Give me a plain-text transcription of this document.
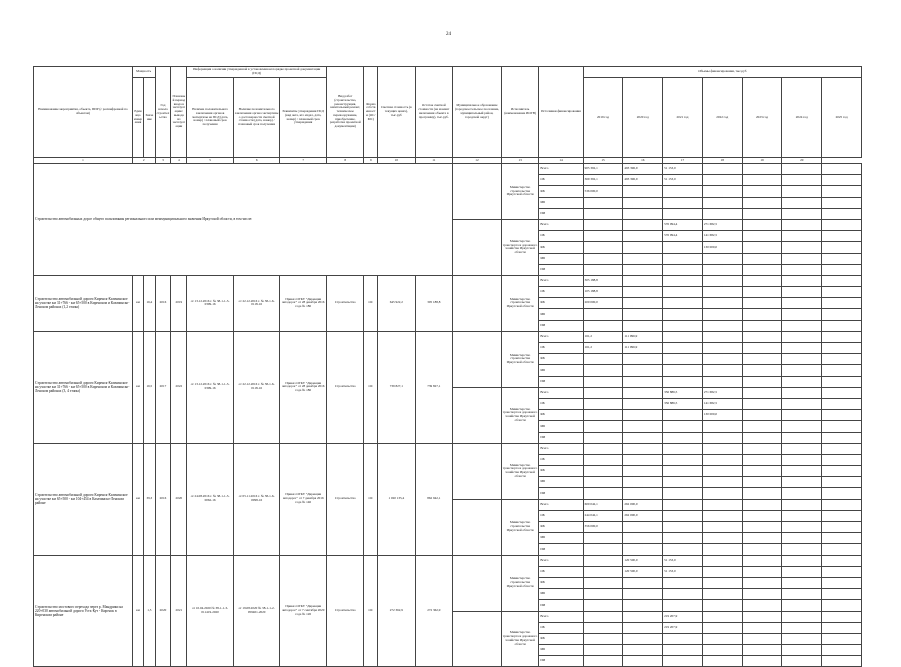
24
Наименование мероприятия, объекта, ПИР (с расшифровкой по объектам)	Мощность		Год начала строительства	Плановый период ввода в эксплуатацию/вывода из эксплуатации	Информация о наличии утвержденной в установленном порядке проектной документации (ПСД)			Вид работ (строительство, реконструкция, капитальный ремонт, техническое перевооружение, приобретение, разработка проектной документации)	Форма собственности (ОС/МС)	Сметная стоимость (в текущих ценах), тыс.руб	Остаток сметной стоимости (на момент включения объекта в программу), тыс.руб.	Муниципальное образование (городское/сельское поселение, муниципальный район, городской округ)	Исполнитель (наименование ИОГВ)	Источники финансирования	Объемы финансирования, тыс.руб						
	Единица измерения	Значение			Наличие положительного заключения органов экспертизы на ПСД (дата, номер) / плановый срок получения	Наличие положительного заключения органа экспертизы о достоверности сметной стоимости (дата, номер) / плановый срок получения	Реквизиты утверждения ПСД (вид акта, кто издал, дата, номер) / плановый срок утверждения								2019 год	2020 год	2021 год	2022 год	2023 год	2024 год	2025 год
1	2		3	4	5	6	7	8	9	10	11	12	13	14	15	16	17	18	19	20	
Строительство автомобильных дорог общего пользования регионального или межмуниципального значения Иркутской области, в том числе:													Министерство строительства Иркутской области	Всего	905 392,1	493 396,9	51 153,0				
														ОБ	369 392,1	493 396,9	51 153,0				
														ФБ	536 000,0						
														МБ							
														ИИ							
													Министерство транспорта и дорожного хозяйства Иркутской области	Всего			576 094,4	271 682,5			
														ОБ			576 094,4	141 682,5			
														ФБ				130 000,0			
														МБ							
														ИИ							
Строительство автомобильной дороги Киренск-Казачинское на участке км 31+766 - км 65+500 в Киренском и Казачинско-Ленском районах (1,2 этапы)	км	16,4	2016	2019	от 13.12.2016 г. № 38-1-1-3-0309-16	от 22.12.2016 г. № 38-1-6-0118-16	Приказ ОГКУ "Дирекция автодорог" от 28 декабря 2016 года № 186	Строительство	ОС	645 922,2	305 188,8		Министерство строительства Иркутской области	Всего	305 188,8						
														ОБ	105 188,8						
														ФБ	200 000,0						
														МБ							
														ИИ							
Строительство автомобильной дороги Киренск-Казачинское на участке км 31+766 - км 65+500 в Киренском и Казачинско-Ленском районах (3, 4 этапы)	км	16,5	2017	2022	от 13.12.2016 г. № 38-1-1-3-0309-16	от 22.12.2016 г. № 38-1-6-0118-16	Приказ ОГКУ "Дирекция автодорог" от 28 декабря 2016 года № 186	Строительство	ОС	739 827,1	739 827,1		Министерство строительства Иркутской области	Всего	161,2	111 096,9					
														ОБ	161,2	111 096,9					
														ФБ							
														МБ							
														ИИ							
													Министерство транспорта и дорожного хозяйства Иркутской области	Всего			356 886,5	271 682,5			
														ОБ			356 886,5	141 682,5			
														ФБ				130 000,0			
														МБ							
														ИИ							
Строительство автомобильной дороги Киренск-Казачинское на участке км 65+500 - км 104+454 в Казачинско-Ленском районе	км	39,3	2016	2020	от 24.08.2016 г. № 38-1-1-3-0062-16	от 05.11.2016 г. № 38-1-6-0098-16	Приказ ОГКУ "Дирекция автодорог" от 7 декабря 2016 года № 146	Строительство	ОС	1 020 135,4	862 942,1		Министерство транспорта и дорожного хозяйства Иркутской области	Всего							
														ОБ							
														ФБ							
														МБ							
														ИИ							
													Министерство строительства Иркутской области	Всего	600 042,1	262 000,0					
														ОБ	244 042,1	262 000,0					
														ФБ	356 000,0						
														МБ							
														ИИ							
Строительство мостового перехода через р. Мандрики на 220+030 автомобильной дороги Усть-Кут - Киренск в Киренском районе	км	1,5	2020	2021	от 10.04.2020 № 38-1-1-3-011419-2020	от 19.08.2020 № 38-1-1-2-059401-2020	Приказ ОГКУ "Дирекция автодорог" от 7 сентября 2020 года № 126	Строительство	ОС	272 362,9	272 362,9		Министерство строительства Иркутской области	Всего		120 500,0	51 153,0				
														ОБ		120 500,0	51 153,0				
														ФБ							
														МБ							
														ИИ							
													Министерство транспорта и дорожного хозяйства Иркутской области	Всего			219 207,9				
														ОБ			219 207,9				
														ФБ							
														МБ							
														ИИ							
